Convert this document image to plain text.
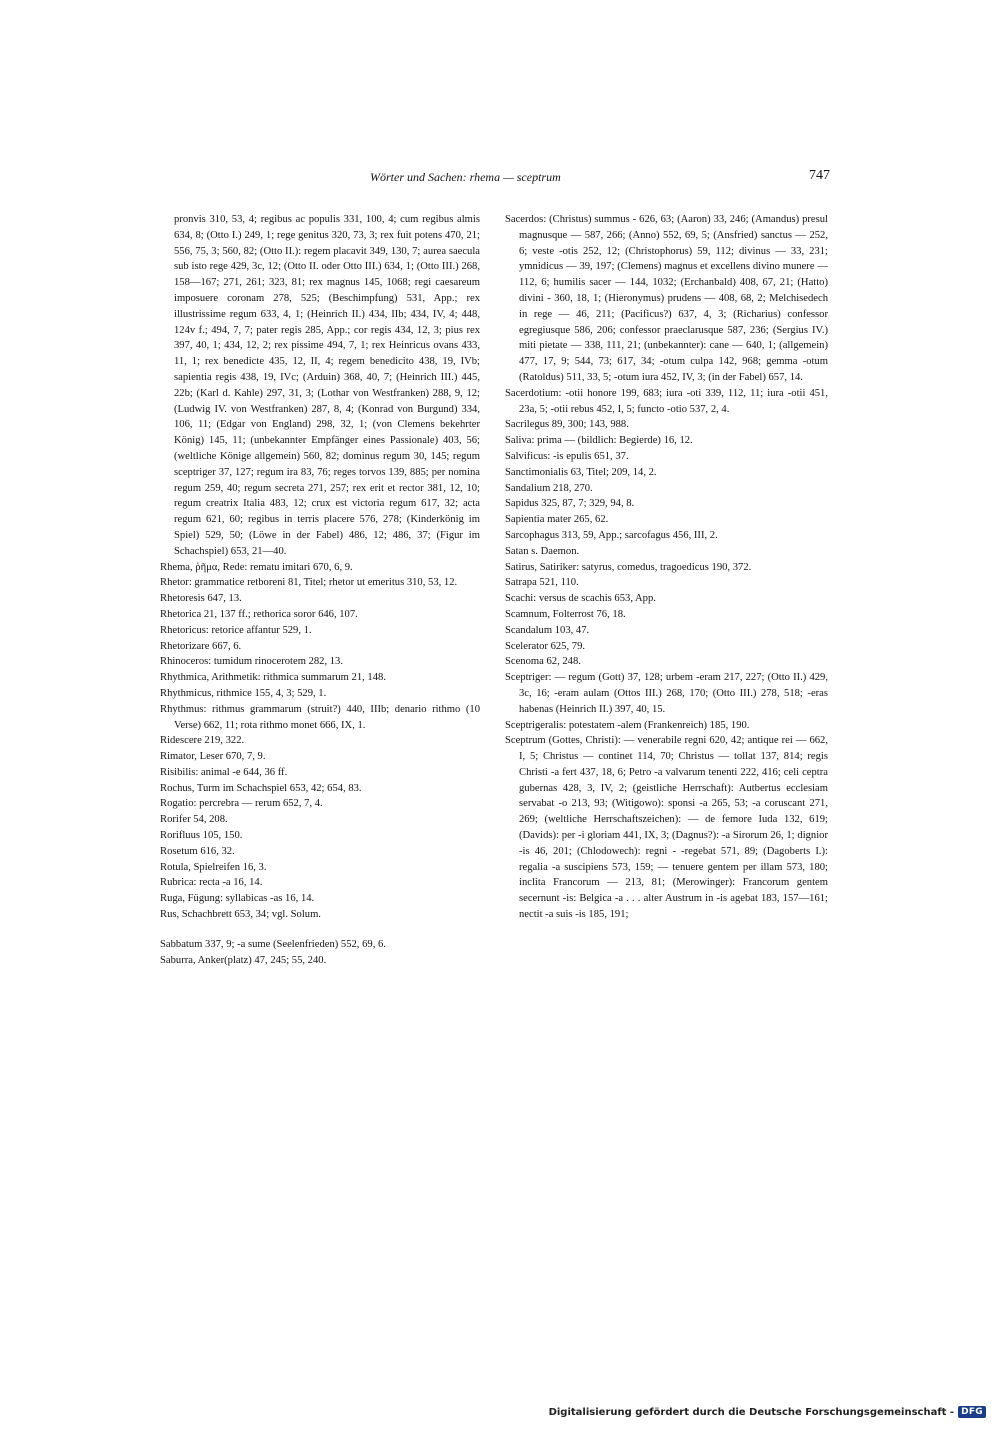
Wörter und Sachen: rhema — sceptrum	747

pronvis 310, 53, 4; regibus ac populis 331, 100, 4; cum regibus almis 634, 8; (Otto I.) 249, 1; rege genitus 320, 73, 3; rex fuit potens 470, 21; 556, 75, 3; 560, 82; (Otto II.): regem placavit 349, 130, 7; aurea saecula sub isto rege 429, 3c, 12; (Otto II. oder Otto III.) 634, 1; (Otto III.) 268, 158—167; 271, 261; 323, 81; rex magnus 145, 1068; regi caesareum imposuere coronam 278, 525; (Beschimpfung) 531, App.; rex illustrissime regum 633, 4, 1; (Heinrich II.) 434, IIb; 434, IV, 4; 448, 124v f.; 494, 7, 7; pater regis 285, App.; cor regis 434, 12, 3; pius rex 397, 40, 1; 434, 12, 2; rex pissime 494, 7, 1; rex Heinricus ovans 433, 11, 1; rex benedicte 435, 12, II, 4; regem benedicito 438, 19, IVb; sapientia regis 438, 19, IVc; (Arduin) 368, 40, 7; (Heinrich III.) 445, 22b; (Karl d. Kahle) 297, 31, 3; (Lothar von Westfranken) 288, 9, 12; (Ludwig IV. von Westfranken) 287, 8, 4; (Konrad von Burgund) 334, 106, 11; (Edgar von England) 298, 32, 1; (von Clemens bekehrter König) 145, 11; (unbekannter Empfänger eines Passionale) 403, 56; (weltliche Könige allgemein) 560, 82; dominus regum 30, 145; regum sceptriger 37, 127; regum ira 83, 76; reges torvos 139, 885; per nomina regum 259, 40; regum secreta 271, 257; rex erit et rector 381, 12, 10; regum creatrix Italia 483, 12; crux est victoria regum 617, 32; acta regum 621, 60; regibus in terris placere 576, 278; (Kinderkönig im Spiel) 529, 50; (Löwe in der Fabel) 486, 12; 486, 37; (Figur im Schachspiel) 653, 21—40.

Rhema, ῥῆμα, Rede: rematu imitari 670, 6, 9.

Rhetor: grammatice retboreni 81, Titel; rhetor ut emeritus 310, 53, 12.

Rhetoresis 647, 13.

Rhetorica 21, 137 ff.; rethorica soror 646, 107.

Rhetoricus: retorice affantur 529, 1.

Rhetorizare 667, 6.

Rhinoceros: tumidum rinocerotem 282, 13.

Rhythmica, Arithmetik: rithmica summarum 21, 148.

Rhythmicus, rithmice 155, 4, 3; 529, 1.

Rhythmus: rithmus grammarum (struit?) 440, IIIb; denario rithmo (10 Verse) 662, 11; rota rithmo monet 666, IX, 1.

Ridescere 219, 322.

Rimator, Leser 670, 7, 9.

Risibilis: animal -e 644, 36 ff.

Rochus, Turm im Schachspiel 653, 42; 654, 83.

Rogatio: percrebra — rerum 652, 7, 4.

Rorifer 54, 208.

Rorifluus 105, 150.

Rosetum 616, 32.

Rotula, Spielreifen 16, 3.

Rubrica: recta -a 16, 14.

Ruga, Fügung: syllabicas -as 16, 14.

Rus, Schachbrett 653, 34; vgl. Solum.

Sabbatum 337, 9; -a sume (Seelenfrieden) 552, 69, 6.

Saburra, Anker(platz) 47, 245; 55, 240.

Sacerdos: (Christus) summus - 626, 63; (Aaron) 33, 246; (Amandus) presul magnusque — 587, 266; (Anno) 552, 69, 5; (Ansfried) sanctus — 252, 6; veste -otis 252, 12; (Christophorus) 59, 112; divinus — 33, 231; ymnidicus — 39, 197; (Clemens) magnus et excellens divino munere — 112, 6; humilis sacer — 144, 1032; (Erchanbald) 408, 67, 21; (Hatto) divini - 360, 18, 1; (Hieronymus) prudens — 408, 68, 2; Melchisedech in rege — 46, 211; (Pacificus?) 637, 4, 3; (Richarius) confessor egregiusque 586, 206; confessor praeclarusque 587, 236; (Sergius IV.) miti pietate — 338, 111, 21; (unbekannter): cane — 640, 1; (allgemein) 477, 17, 9; 544, 73; 617, 34; -otum culpa 142, 968; gemma -otum (Ratoldus) 511, 33, 5; -otum iura 452, IV, 3; (in der Fabel) 657, 14.

Sacerdotium: -otii honore 199, 683; iura -oti 339, 112, 11; iura -otii 451, 23a, 5; -otii rebus 452, I, 5; functo -otio 537, 2, 4.

Sacrilegus 89, 300; 143, 988.

Saliva: prima — (bildlich: Begierde) 16, 12.

Salvificus: -is epulis 651, 37.

Sanctimonialis 63, Titel; 209, 14, 2.

Sandalium 218, 270.

Sapidus 325, 87, 7; 329, 94, 8.

Sapientia mater 265, 62.

Sarcophagus 313, 59, App.; sarcofagus 456, III, 2.

Satan s. Daemon.

Satirus, Satiriker: satyrus, comedus, tragoedicus 190, 372.

Satrapa 521, 110.

Scachi: versus de scachis 653, App.

Scamnum, Folterrost 76, 18.

Scandalum 103, 47.

Scelerator 625, 79.

Scenoma 62, 248.

Sceptriger: — regum (Gott) 37, 128; urbem -eram 217, 227; (Otto II.) 429, 3c, 16; -eram aulam (Ottos III.) 268, 170; (Otto III.) 278, 518; -eras habenas (Heinrich II.) 397, 40, 15.

Sceptrigeralis: potestatem -alem (Frankenreich) 185, 190.

Sceptrum (Gottes, Christi): — venerabile regni 620, 42; antique rei — 662, I, 5; Christus — continet 114, 70; Christus — tollat 137, 814; regis Christi -a fert 437, 18, 6; Petro -a valvarum tenenti 222, 416; celi ceptra gubernas 428, 3, IV, 2; (geistliche Herrschaft): Autbertus ecclesiam servabat -o 213, 93; (Witigowo): sponsi -a 265, 53; -a coruscant 271, 269; (weltliche Herrschaftszeichen): — de femore Iuda 132, 619; (Davids): per -i gloriam 441, IX, 3; (Dagnus?): -a Sirorum 26, 1; dignior -is 46, 201; (Chlodowech): regni - -regebat 571, 89; (Dagoberts I.): regalia -a suscipiens 573, 159; — tenuere gentem per illam 573, 180; inclita Francorum — 213, 81; (Merowinger): Francorum gentem secernunt -is: Belgica -a . . . alter Austrum in -is agebat 183, 157—161; nectit -a suis -is 185, 191;

Digitalisierung gefördert durch die Deutsche Forschungsgemeinschaft - DFG
